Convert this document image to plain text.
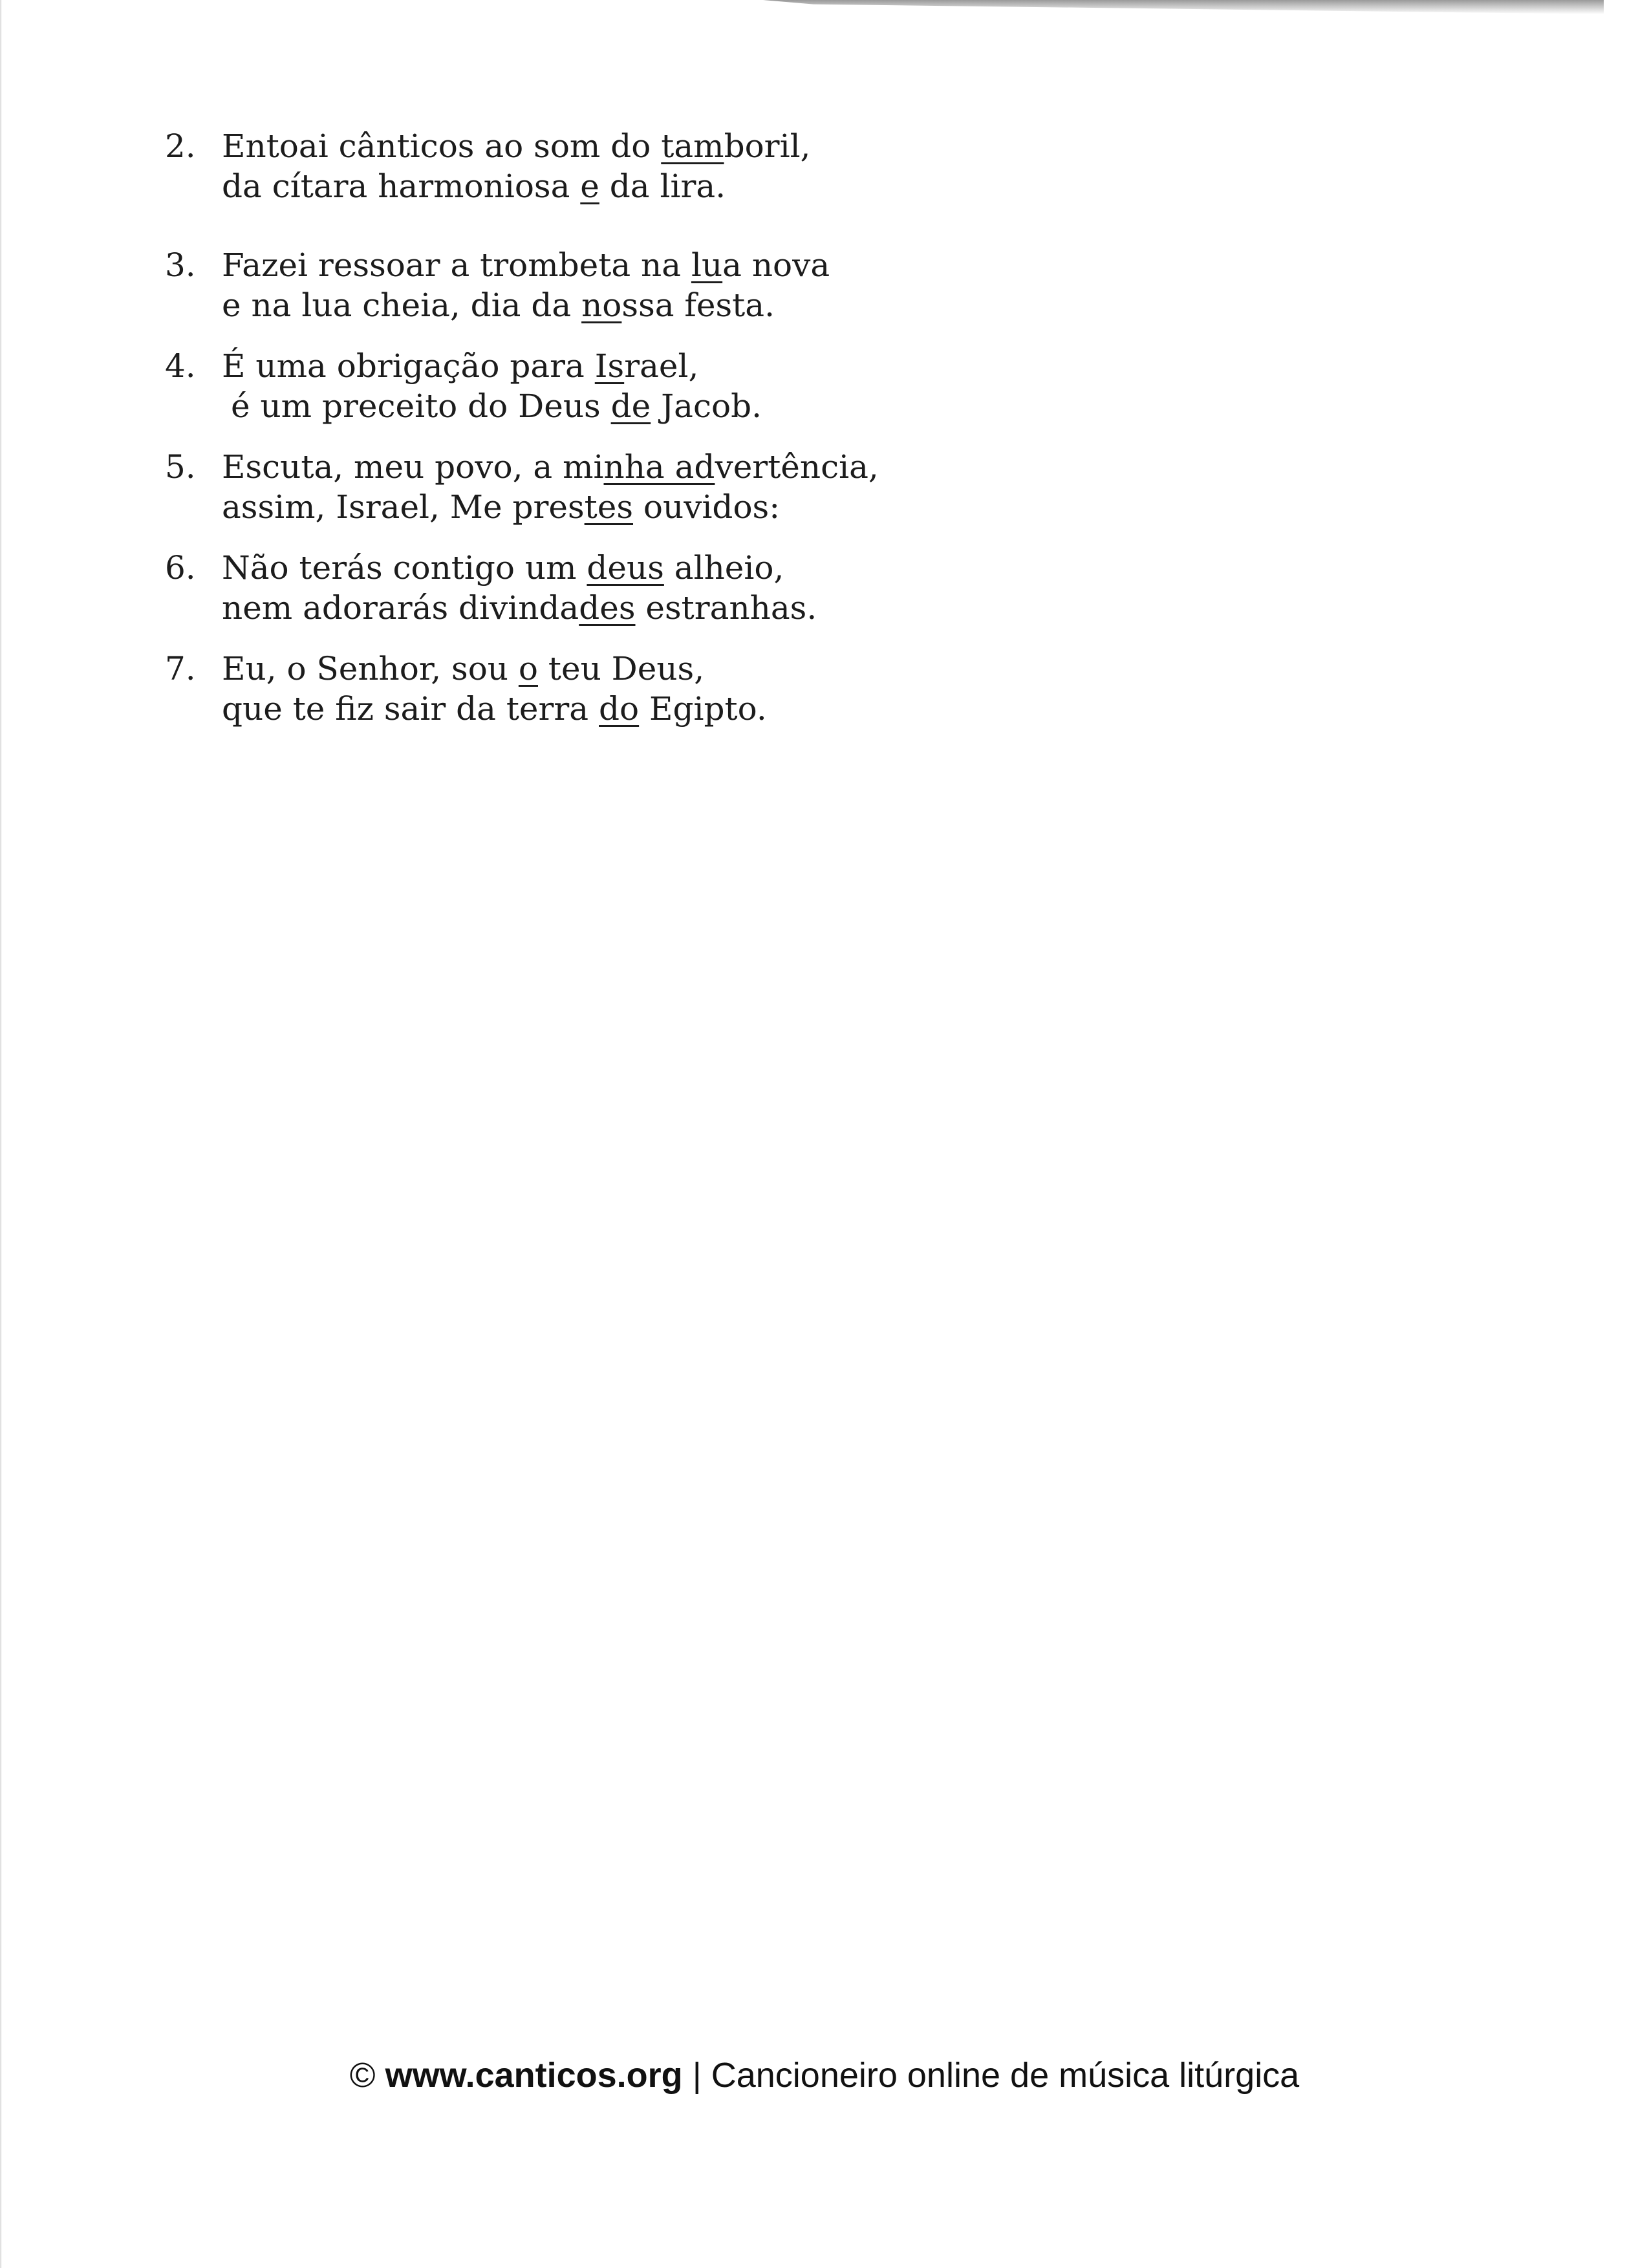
2. Entoai cânticos ao som do tamboril,
da cítara harmoniosa e da lira.
3. Fazei ressoar a trombeta na lua nova
e na lua cheia, dia da nossa festa.
4. É uma obrigação para Israel,
é um preceito do Deus de Jacob.
5. Escuta, meu povo, a minha advertência,
assim, Israel, Me prestes ouvidos:
6. Não terás contigo um deus alheio,
nem adorarás divindades estranhas.
7. Eu, o Senhor, sou o teu Deus,
que te fiz sair da terra do Egipto.
© www.canticos.org | Cancioneiro online de música litúrgica
